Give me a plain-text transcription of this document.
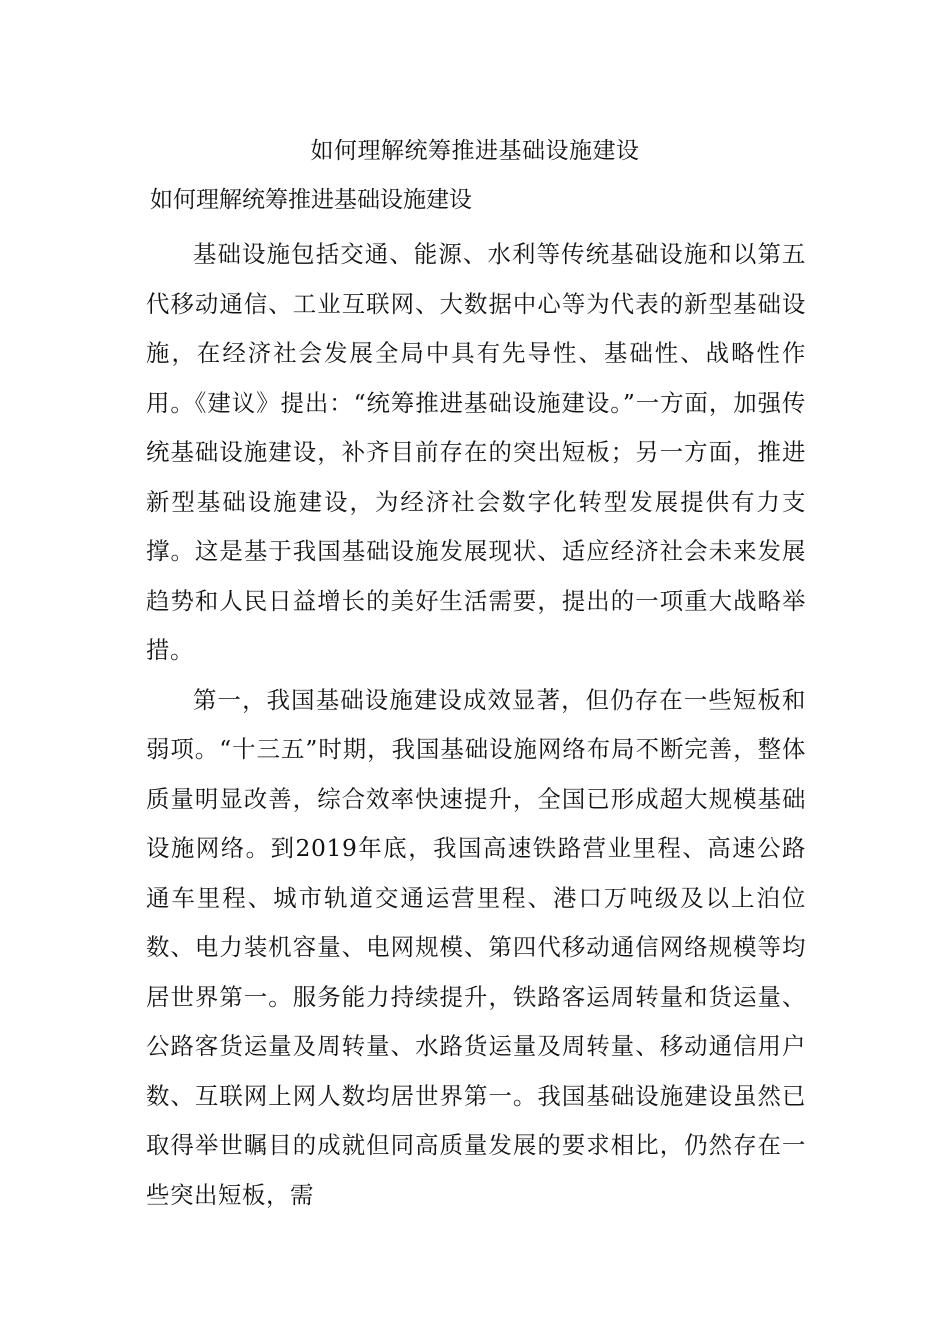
如何理解统筹推进基础设施建设
如何理解统筹推进基础设施建设

基础设施包括交通、能源、水利等传统基础设施和以第五代移动通信、工业互联网、大数据中心等为代表的新型基础设施，在经济社会发展全局中具有先导性、基础性、战略性作用。《建议》提出：“统筹推进基础设施建设。”一方面，加强传统基础设施建设，补齐目前存在的突出短板；另一方面，推进新型基础设施建设，为经济社会数字化转型发展提供有力支撑。这是基于我国基础设施发展现状、适应经济社会未来发展趋势和人民日益增长的美好生活需要，提出的一项重大战略举措。

第一，我国基础设施建设成效显著，但仍存在一些短板和弱项。“十三五”时期，我国基础设施网络布局不断完善，整体质量明显改善，综合效率快速提升，全国已形成超大规模基础设施网络。到2019年底，我国高速铁路营业里程、高速公路通车里程、城市轨道交通运营里程、港口万吨级及以上泊位数、电力装机容量、电网规模、第四代移动通信网络规模等均居世界第一。服务能力持续提升，铁路客运周转量和货运量、公路客货运量及周转量、水路货运量及周转量、移动通信用户数、互联网上网人数均居世界第一。我国基础设施建设虽然已取得举世瞩目的成就但同高质量发展的要求相比，仍然存在一些突出短板，需
